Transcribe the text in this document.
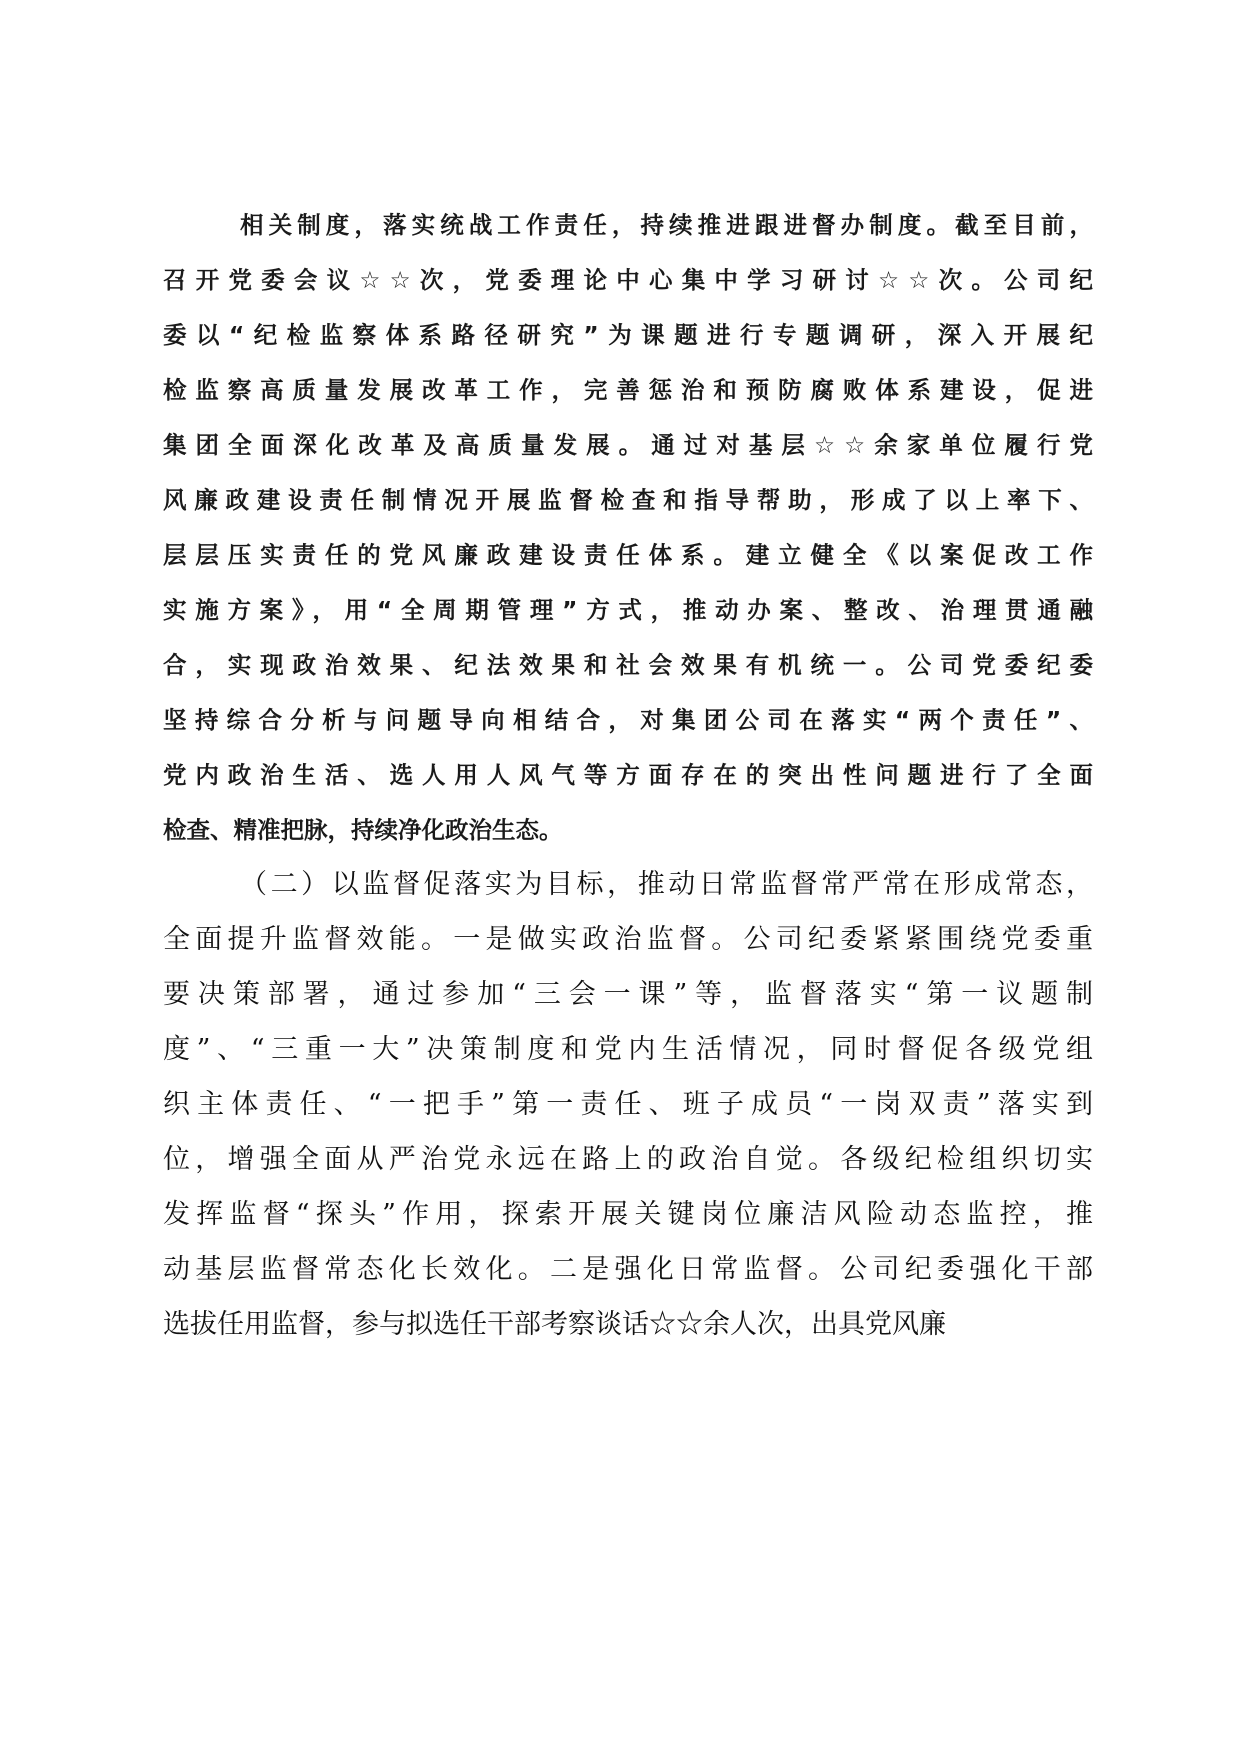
相关制度，落实统战工作责任，持续推进跟进督办制度。截至目前，
召开党委会议☆☆次，党委理论中心集中学习研讨☆☆次。公司纪
委以“纪检监察体系路径研究”为课题进行专题调研，深入开展纪
检监察高质量发展改革工作，完善惩治和预防腐败体系建设，促进
集团全面深化改革及高质量发展。通过对基层☆☆余家单位履行党
风廉政建设责任制情况开展监督检查和指导帮助，形成了以上率下、
层层压实责任的党风廉政建设责任体系。建立健全《以案促改工作
实施方案》，用“全周期管理”方式，推动办案、整改、治理贯通融
合，实现政治效果、纪法效果和社会效果有机统一。公司党委纪委
坚持综合分析与问题导向相结合，对集团公司在落实“两个责任”、
党内政治生活、选人用人风气等方面存在的突出性问题进行了全面
检查、精准把脉，持续净化政治生态。
（二）以监督促落实为目标，推动日常监督常严常在形成常态，
全面提升监督效能。一是做实政治监督。公司纪委紧紧围绕党委重
要决策部署，通过参加“三会一课”等，监督落实“第一议题制
度”、“三重一大”决策制度和党内生活情况，同时督促各级党组
织主体责任、“一把手”第一责任、班子成员“一岗双责”落实到
位，增强全面从严治党永远在路上的政治自觉。各级纪检组织切实
发挥监督“探头”作用，探索开展关键岗位廉洁风险动态监控，推
动基层监督常态化长效化。二是强化日常监督。公司纪委强化干部
选拔任用监督，参与拟选任干部考察谈话☆☆余人次，出具党风廉
